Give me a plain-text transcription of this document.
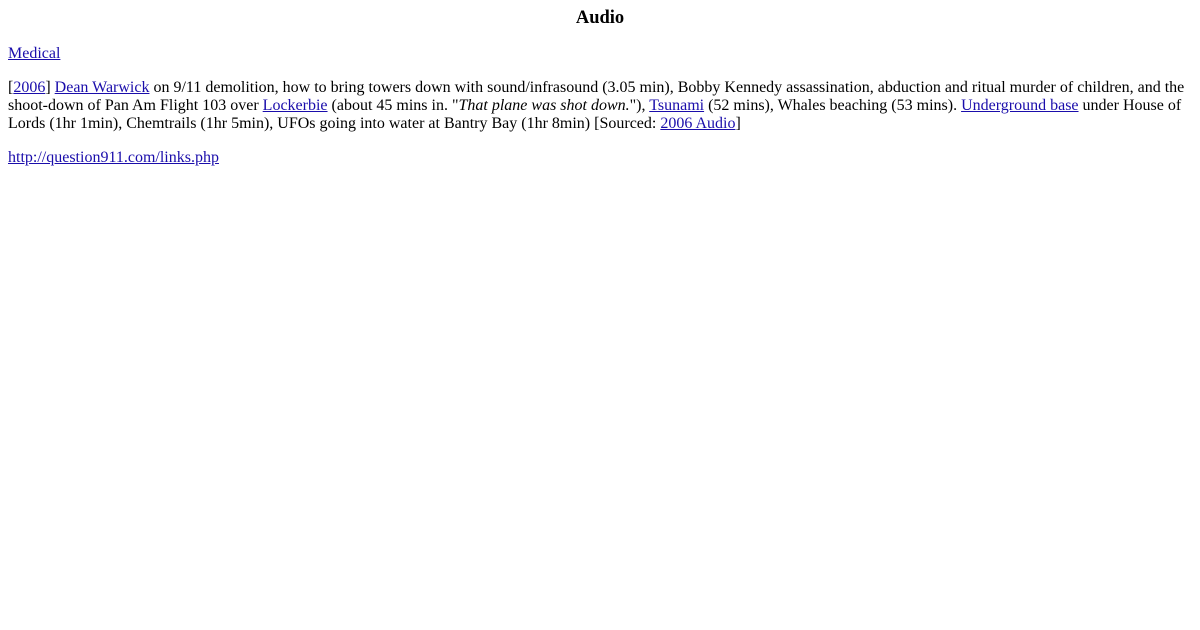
Audio

Medical

[2006] Dean Warwick on 9/11 demolition, how to bring towers down with sound/infrasound (3.05 min), Bobby Kennedy assassination, abduction and ritual murder of children, and the shoot-down of Pan Am Flight 103 over Lockerbie (about 45 mins in. "That plane was shot down."), Tsunami (52 mins), Whales beaching (53 mins). Underground base under House of Lords (1hr 1min), Chemtrails (1hr 5min), UFOs going into water at Bantry Bay (1hr 8min) [Sourced: 2006 Audio]

http://question911.com/links.php
